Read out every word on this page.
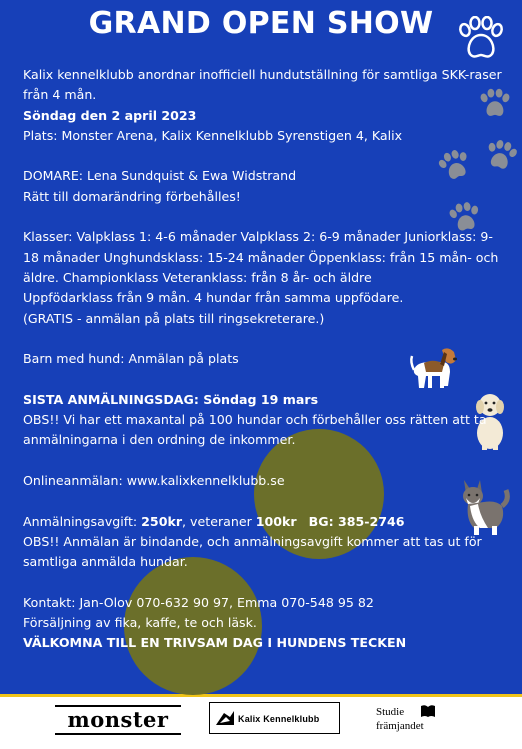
GRAND OPEN SHOW

Kalix kennelklubb anordnar inofficiell hundutställning för samtliga SKK-raser från 4 mån.

Söndag den 2 april 2023

Plats: Monster Arena, Kalix Kennelklubb Syrenstigen 4, Kalix

DOMARE: Lena Sundquist & Ewa Widstrand

Rätt till domarändring förbehålles!

Klasser: Valpklass 1: 4-6 månader Valpklass 2: 6-9 månader Juniorklass: 9-18 månader Unghundsklass: 15-24 månader Öppenklass: från 15 mån- och äldre. Championklass Veteranklass: från 8 år- och äldre

Uppfödarklass från 9 mån. 4 hundar från samma uppfödare.

(GRATIS - anmälan på plats till ringsekreterare.)

Barn med hund: Anmälan på plats

SISTA ANMÄLNINGSDAG: Söndag 19 mars

OBS!! Vi har ett maxantal på 100 hundar och förbehåller oss rätten att ta anmälningarna i den ordning de inkommer.

Onlineanmälan: www.kalixkennelklubb.se

Anmälningsavgift: 250kr, veteraner 100kr BG: 385-2746

OBS!! Anmälan är bindande, och anmälningsavgift kommer att tas ut för samtliga anmälda hundar.

Kontakt: Jan-Olov 070-632 90 97, Emma 070-548 95 82

Försäljning av fika, kaffe, te och läsk.

VÄLKOMNA TILL EN TRIVSAM DAG I HUNDENS TECKEN

monster	Kalix Kennelklubb
Studie
främjandet
